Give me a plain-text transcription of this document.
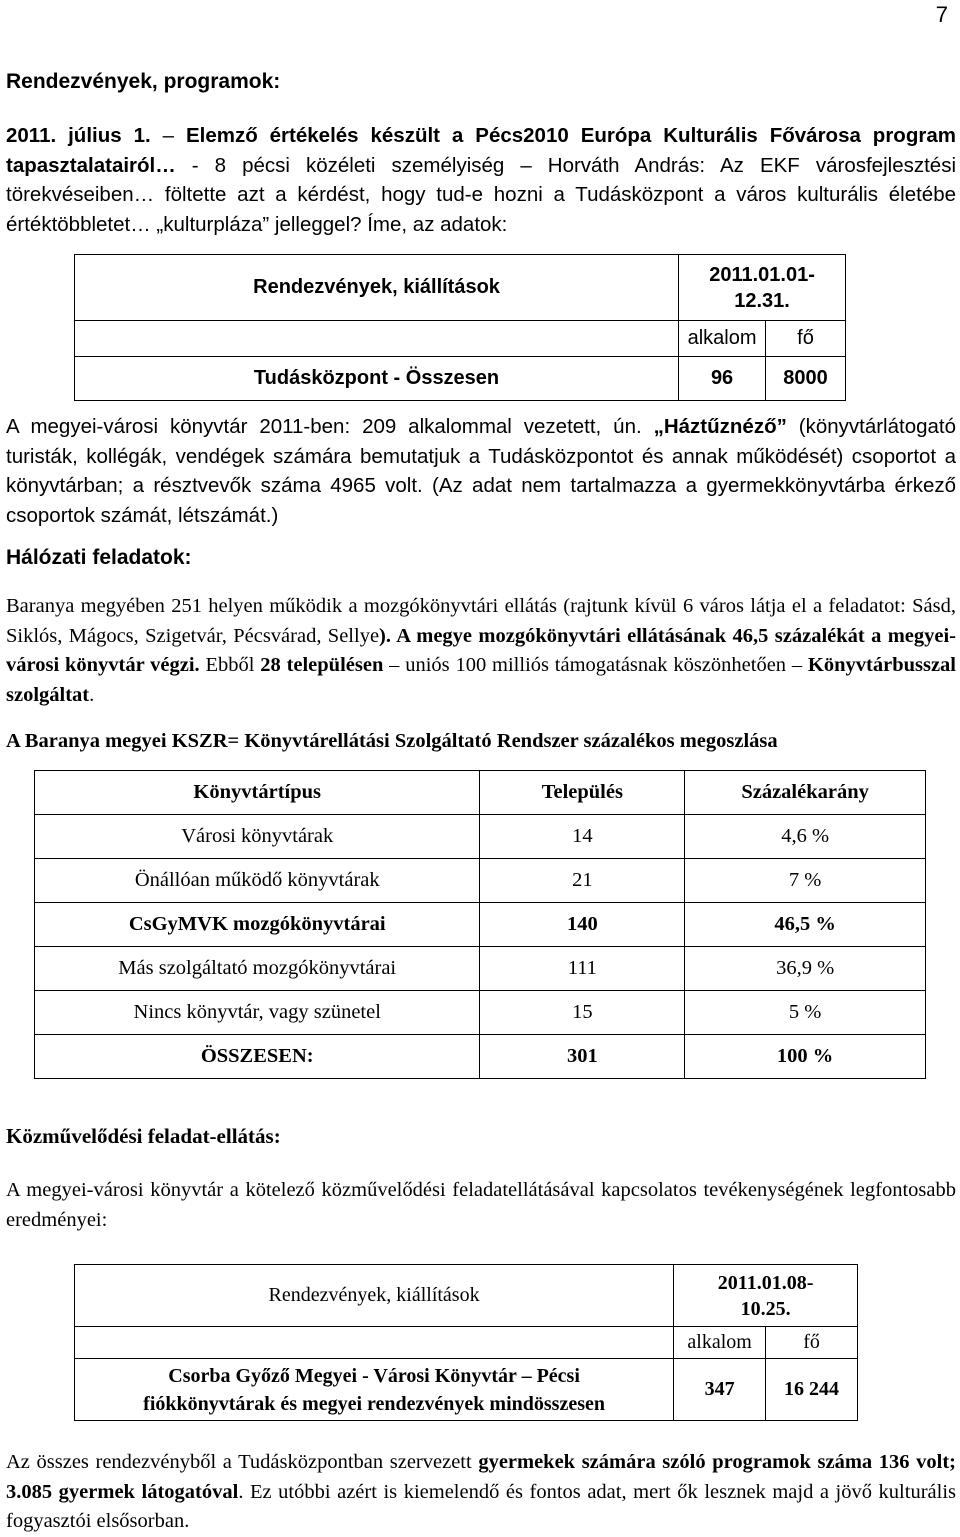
7
Rendezvények, programok:
2011. július 1. – Elemző értékelés készült a Pécs2010 Európa Kulturális Fővárosa program tapasztalatairól… - 8 pécsi közéleti személyiség – Horváth András: Az EKF városfejlesztési törekvéseiben… föltette azt a kérdést, hogy tud-e hozni a Tudásközpont a város kulturális életébe értéktöbbletet… „kulturpláza” jelleggel? Íme, az adatok:
Rendezvények, kiállítások	2011.01.01-
12.31.	

	alkalom	fő
Tudásközpont - Összesen	96	8000
A megyei-városi könyvtár 2011-ben: 209 alkalommal vezetett, ún. „Háztűznéző” (könyvtárlátogató turisták, kollégák, vendégek számára bemutatjuk a Tudásközpontot és annak működését) csoportot a könyvtárban; a résztvevők száma 4965 volt. (Az adat nem tartalmazza a gyermekkönyvtárba érkező csoportok számát, létszámát.)
Hálózati feladatok:
Baranya megyében 251 helyen működik a mozgókönyvtári ellátás (rajtunk kívül 6 város látja el a feladatot: Sásd, Siklós, Mágocs, Szigetvár, Pécsvárad, Sellye). A megye mozgókönyvtári ellátásának 46,5 százalékát a megyei-városi könyvtár végzi. Ebből 28 településen – uniós 100 milliós támogatásnak köszönhetően – Könyvtárbusszal szolgáltat.
A Baranya megyei KSZR= Könyvtárellátási Szolgáltató Rendszer százalékos megoszlása
Könyvtártípus	Település	Százalékarány
Városi könyvtárak	14	4,6 %
Önállóan működő könyvtárak	21	7 %
CsGyMVK mozgókönyvtárai	140	46,5 %
Más szolgáltató mozgókönyvtárai	111	36,9 %
Nincs könyvtár, vagy szünetel	15	5 %
ÖSSZESEN:	301	100 %
Közművelődési feladat-ellátás:
A megyei-városi könyvtár a kötelező közművelődési feladatellátásával kapcsolatos tevékenységének legfontosabb eredményei:
Rendezvények, kiállítások	2011.01.08-
10.25.	

	alkalom	fő

Csorba Győző Megyei - Városi Könyvtár – Pécsi
fiókkönyvtárak és megyei rendezvények mindösszesen	347	16 244
Az összes rendezvényből a Tudásközpontban szervezett gyermekek számára szóló programok száma 136 volt; 3.085 gyermek látogatóval. Ez utóbbi azért is kiemelendő és fontos adat, mert ők lesznek majd a jövő kulturális fogyasztói elsősorban.
